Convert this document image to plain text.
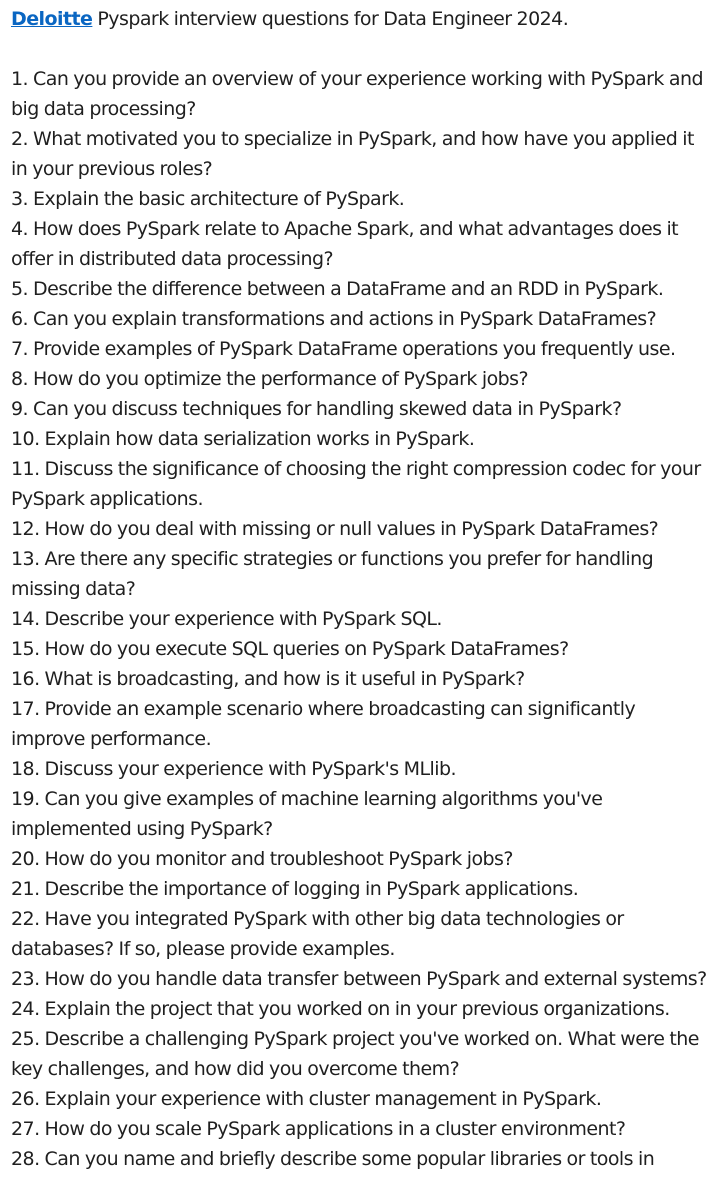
Deloitte Pyspark interview questions for Data Engineer 2024.

1. Can you provide an overview of your experience working with PySpark and big data processing?
2. What motivated you to specialize in PySpark, and how have you applied it in your previous roles?
3. Explain the basic architecture of PySpark.
4. How does PySpark relate to Apache Spark, and what advantages does it offer in distributed data processing?
5. Describe the difference between a DataFrame and an RDD in PySpark.
6. Can you explain transformations and actions in PySpark DataFrames?
7. Provide examples of PySpark DataFrame operations you frequently use.
8. How do you optimize the performance of PySpark jobs?
9. Can you discuss techniques for handling skewed data in PySpark?
10. Explain how data serialization works in PySpark.
11. Discuss the significance of choosing the right compression codec for your PySpark applications.
12. How do you deal with missing or null values in PySpark DataFrames?
13. Are there any specific strategies or functions you prefer for handling missing data?
14. Describe your experience with PySpark SQL.
15. How do you execute SQL queries on PySpark DataFrames?
16. What is broadcasting, and how is it useful in PySpark?
17. Provide an example scenario where broadcasting can significantly improve performance.
18. Discuss your experience with PySpark's MLlib.
19. Can you give examples of machine learning algorithms you've implemented using PySpark?
20. How do you monitor and troubleshoot PySpark jobs?
21. Describe the importance of logging in PySpark applications.
22. Have you integrated PySpark with other big data technologies or databases? If so, please provide examples.
23. How do you handle data transfer between PySpark and external systems?
24. Explain the project that you worked on in your previous organizations.
25. Describe a challenging PySpark project you've worked on. What were the key challenges, and how did you overcome them?
26. Explain your experience with cluster management in PySpark.
27. How do you scale PySpark applications in a cluster environment?
28. Can you name and briefly describe some popular libraries or tools in
